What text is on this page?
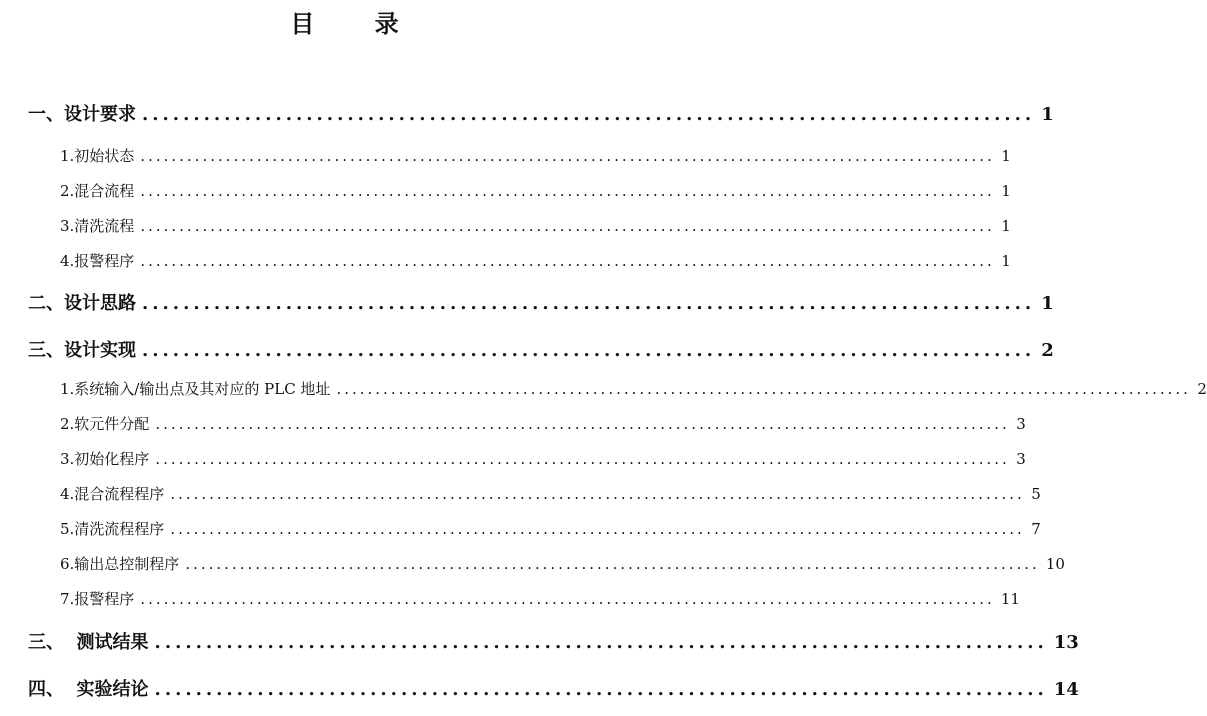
目 录
一、设计要求 ....................................................................................... 1
1.初始状态 .............................................................................................................. 1
2.混合流程 .............................................................................................................. 1
3.清洗流程 .............................................................................................................. 1
4.报警程序 .............................................................................................................. 1
二、设计思路 ....................................................................................... 1
三、设计实现 ....................................................................................... 2
1.系统输入/输出点及其对应的 PLC 地址 .............................................................................................................. 2
2.软元件分配 .............................................................................................................. 3
3.初始化程序 .............................................................................................................. 3
4.混合流程程序 .............................................................................................................. 5
5.清洗流程程序 .............................................................................................................. 7
6.输出总控制程序 .............................................................................................................. 10
7.报警程序 .............................................................................................................. 11
三、  测试结果 ....................................................................................... 13
四、  实验结论 ....................................................................................... 14
